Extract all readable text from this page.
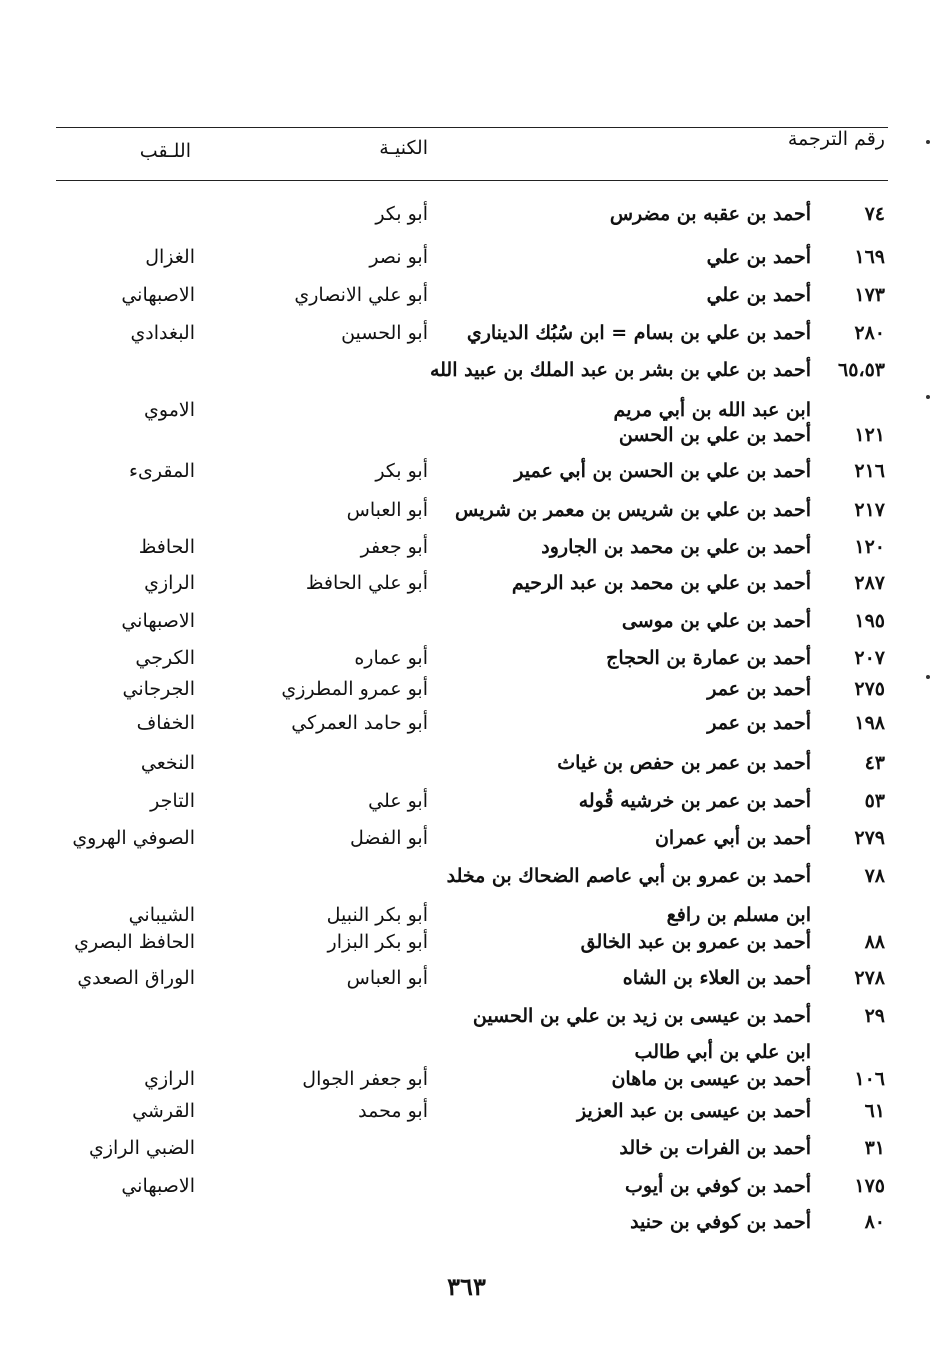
رقم الترجمة
الكنيـة
اللـقب
٧٤
أحمد بن عقبه بن مضرس
أبو بكر
١٦٩
أحمد بن علي
أبو نصر
الغزال
١٧٣
أحمد بن علي
أبو علي الانصاري
الاصبهاني
٢٨٠
أحمد بن علي بن بسام = ابن سُبُك الديناري
أبو الحسين
البغدادي
٦٥،٥٣
أحمد بن علي بن بشر بن عبد الملك بن عبيد الله
ابن عبد الله بن أبي مريم
الاموي
١٢١
أحمد بن علي بن الحسن
٢١٦
أحمد بن علي بن الحسن بن أبي عمير
أبو بكر
المقرىء
٢١٧
أحمد بن علي بن شريس بن معمر بن شريس
أبو العباس
١٢٠
أحمد بن علي بن محمد بن الجارود
أبو جعفر
الحافظ
٢٨٧
أحمد بن علي بن محمد بن عبد الرحيم
أبو علي الحافظ
الرازي
١٩٥
أحمد بن علي بن موسى
الاصبهاني
٢٠٧
أحمد بن عمارة بن الحجاج
أبو عماره
الكرجي
٢٧٥
أحمد بن عمر
أبو عمرو المطرزي
الجرجاني
١٩٨
أحمد بن عمر
أبو حامد العمركي
الخفاف
٤٣
أحمد بن عمر بن حفص بن غياث
النخعي
٥٣
أحمد بن عمر بن خرشيه قُوله
أبو علي
التاجر
٢٧٩
أحمد بن أبي عمران
أبو الفضل
الصوفي الهروي
٧٨
أحمد بن عمرو بن أبي عاصم الضحاك بن مخلد
ابن مسلم بن رافع
أبو بكر النبيل
الشيباني
٨٨
أحمد بن عمرو بن عبد الخالق
أبو بكر البزار
الحافظ البصري
٢٧٨
أحمد بن العلاء بن الشاه
أبو العباس
الوراق الصعدي
٢٩
أحمد بن عيسى بن زيد بن علي بن الحسين
ابن علي بن أبي طالب
١٠٦
أحمد بن عيسى بن ماهان
أبو جعفر الجوال
الرازي
٦١
أحمد بن عيسى بن عبد العزيز
أبو محمد
القرشي
٣١
أحمد بن الفرات بن خالد
الضبي الرازي
١٧٥
أحمد بن كوفي بن أيوب
الاصبهاني
٨٠
أحمد بن كوفي بن حنيد
٣٦٣
